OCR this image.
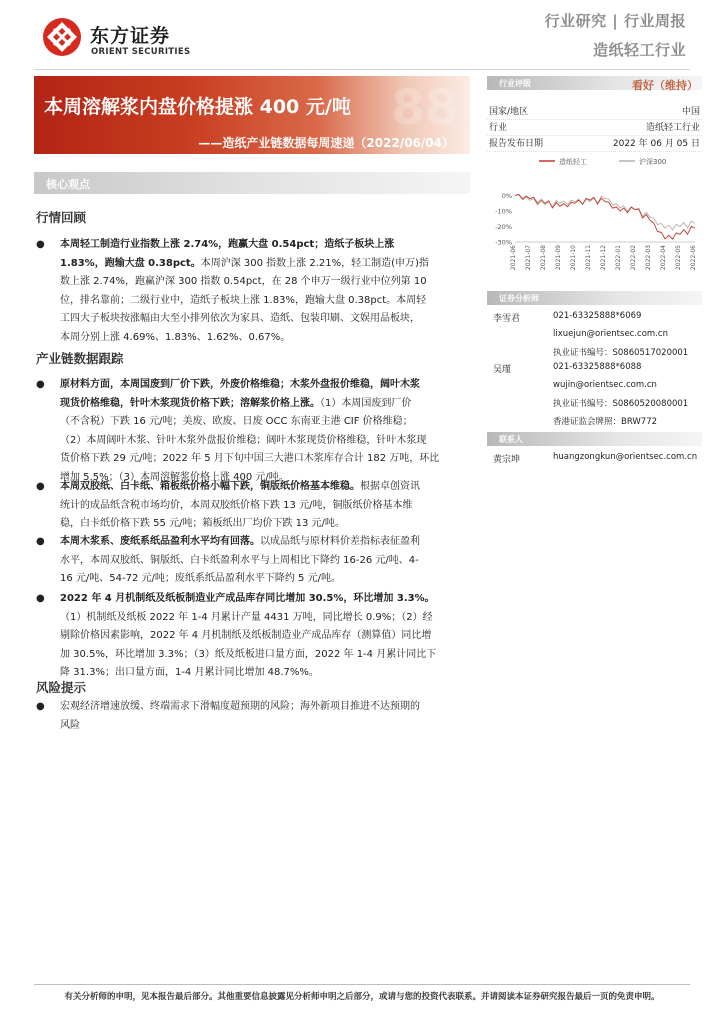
东方证券
ORIENT SECURITIES
行业研究 | 行业周报
造纸轻工行业
88
本周溶解浆内盘价格提涨 400 元/吨
——造纸产业链数据每周速递（2022/06/04）
行业评级	看好（维持）
国家/地区	中国
行业	造纸轻工行业
报告发布日期	2022 年 06 月 05 日
造纸轻工	沪深300
0%
-10%
-20%
-30%
2021-06 2021-07 2021-08 2021-09 2021-10 2021-11 2021-12 2022-01 2022-02 2022-03 2022-04 2022-05 2022-06
证券分析师
李雪君	021-63325888*6069
lixuejun@orientsec.com.cn
执业证书编号：S0860517020001
吴瑾	021-63325888*6088
wujin@orientsec.com.cn
执业证书编号：S0860520080001
香港证监会牌照：BRW772
联系人
黄宗坤	huangzongkun@orientsec.com.cn
核心观点
行情回顾
●	本周轻工制造行业指数上涨 2.74%，跑赢大盘 0.54pct；造纸子板块上涨
1.83%，跑输大盘 0.38pct。本周沪深 300 指数上涨 2.21%，轻工制造(申万)指
数上涨 2.74%，跑赢沪深 300 指数 0.54pct，在 28 个申万一级行业中位列第 10
位，排名靠前；二级行业中，造纸子板块上涨 1.83%，跑输大盘 0.38pct。本周轻
工四大子板块按涨幅由大至小排列依次为家具、造纸、包装印刷、文娱用品板块，
本周分别上涨 4.69%、1.83%、1.62%、0.67%。
产业链数据跟踪
●	原材料方面，本周国废到厂价下跌，外废价格维稳；木浆外盘报价维稳，阔叶木浆
现货价格维稳，针叶木浆现货价格下跌；溶解浆价格上涨。（1）本周国废到厂价
（不含税）下跌 16 元/吨；美废、欧废、日废 OCC 东南亚主港 CIF 价格维稳；
（2）本周阔叶木浆、针叶木浆外盘报价维稳；阔叶木浆现货价格维稳，针叶木浆现
货价格下跌 29 元/吨；2022 年 5 月下旬中国三大港口木浆库存合计 182 万吨，环比
增加 5.5%；（3）本周溶解浆价格上涨 400 元/吨。
●	本周双胶纸、白卡纸、箱板纸价格小幅下跌，铜版纸价格基本维稳。根据卓创资讯
统计的成品纸含税市场均价，本周双胶纸价格下跌 13 元/吨，铜版纸价格基本维
稳，白卡纸价格下跌 55 元/吨；箱板纸出厂均价下跌 13 元/吨。
●	本周木浆系、废纸系纸品盈利水平均有回落。以成品纸与原材料价差指标表征盈利
水平，本周双胶纸、铜版纸、白卡纸盈利水平与上周相比下降约 16-26 元/吨、4-
16 元/吨、54-72 元/吨；废纸系纸品盈利水平下降约 5 元/吨。
●	2022 年 4 月机制纸及纸板制造业产成品库存同比增加 30.5%，环比增加 3.3%。
（1）机制纸及纸板 2022 年 1-4 月累计产量 4431 万吨，同比增长 0.9%；（2）经
剔除价格因素影响，2022 年 4 月机制纸及纸板制造业产成品库存（测算值）同比增
加 30.5%，环比增加 3.3%；（3）纸及纸板进口量方面，2022 年 1-4 月累计同比下
降 31.3%；出口量方面，1-4 月累计同比增加 48.7%%。
风险提示
●	宏观经济增速放缓、终端需求下滑幅度超预期的风险；海外新项目推进不达预期的
风险
有关分析师的申明，见本报告最后部分。其他重要信息披露见分析师申明之后部分，或请与您的投资代表联系。并请阅读本证券研究报告最后一页的免责申明。
